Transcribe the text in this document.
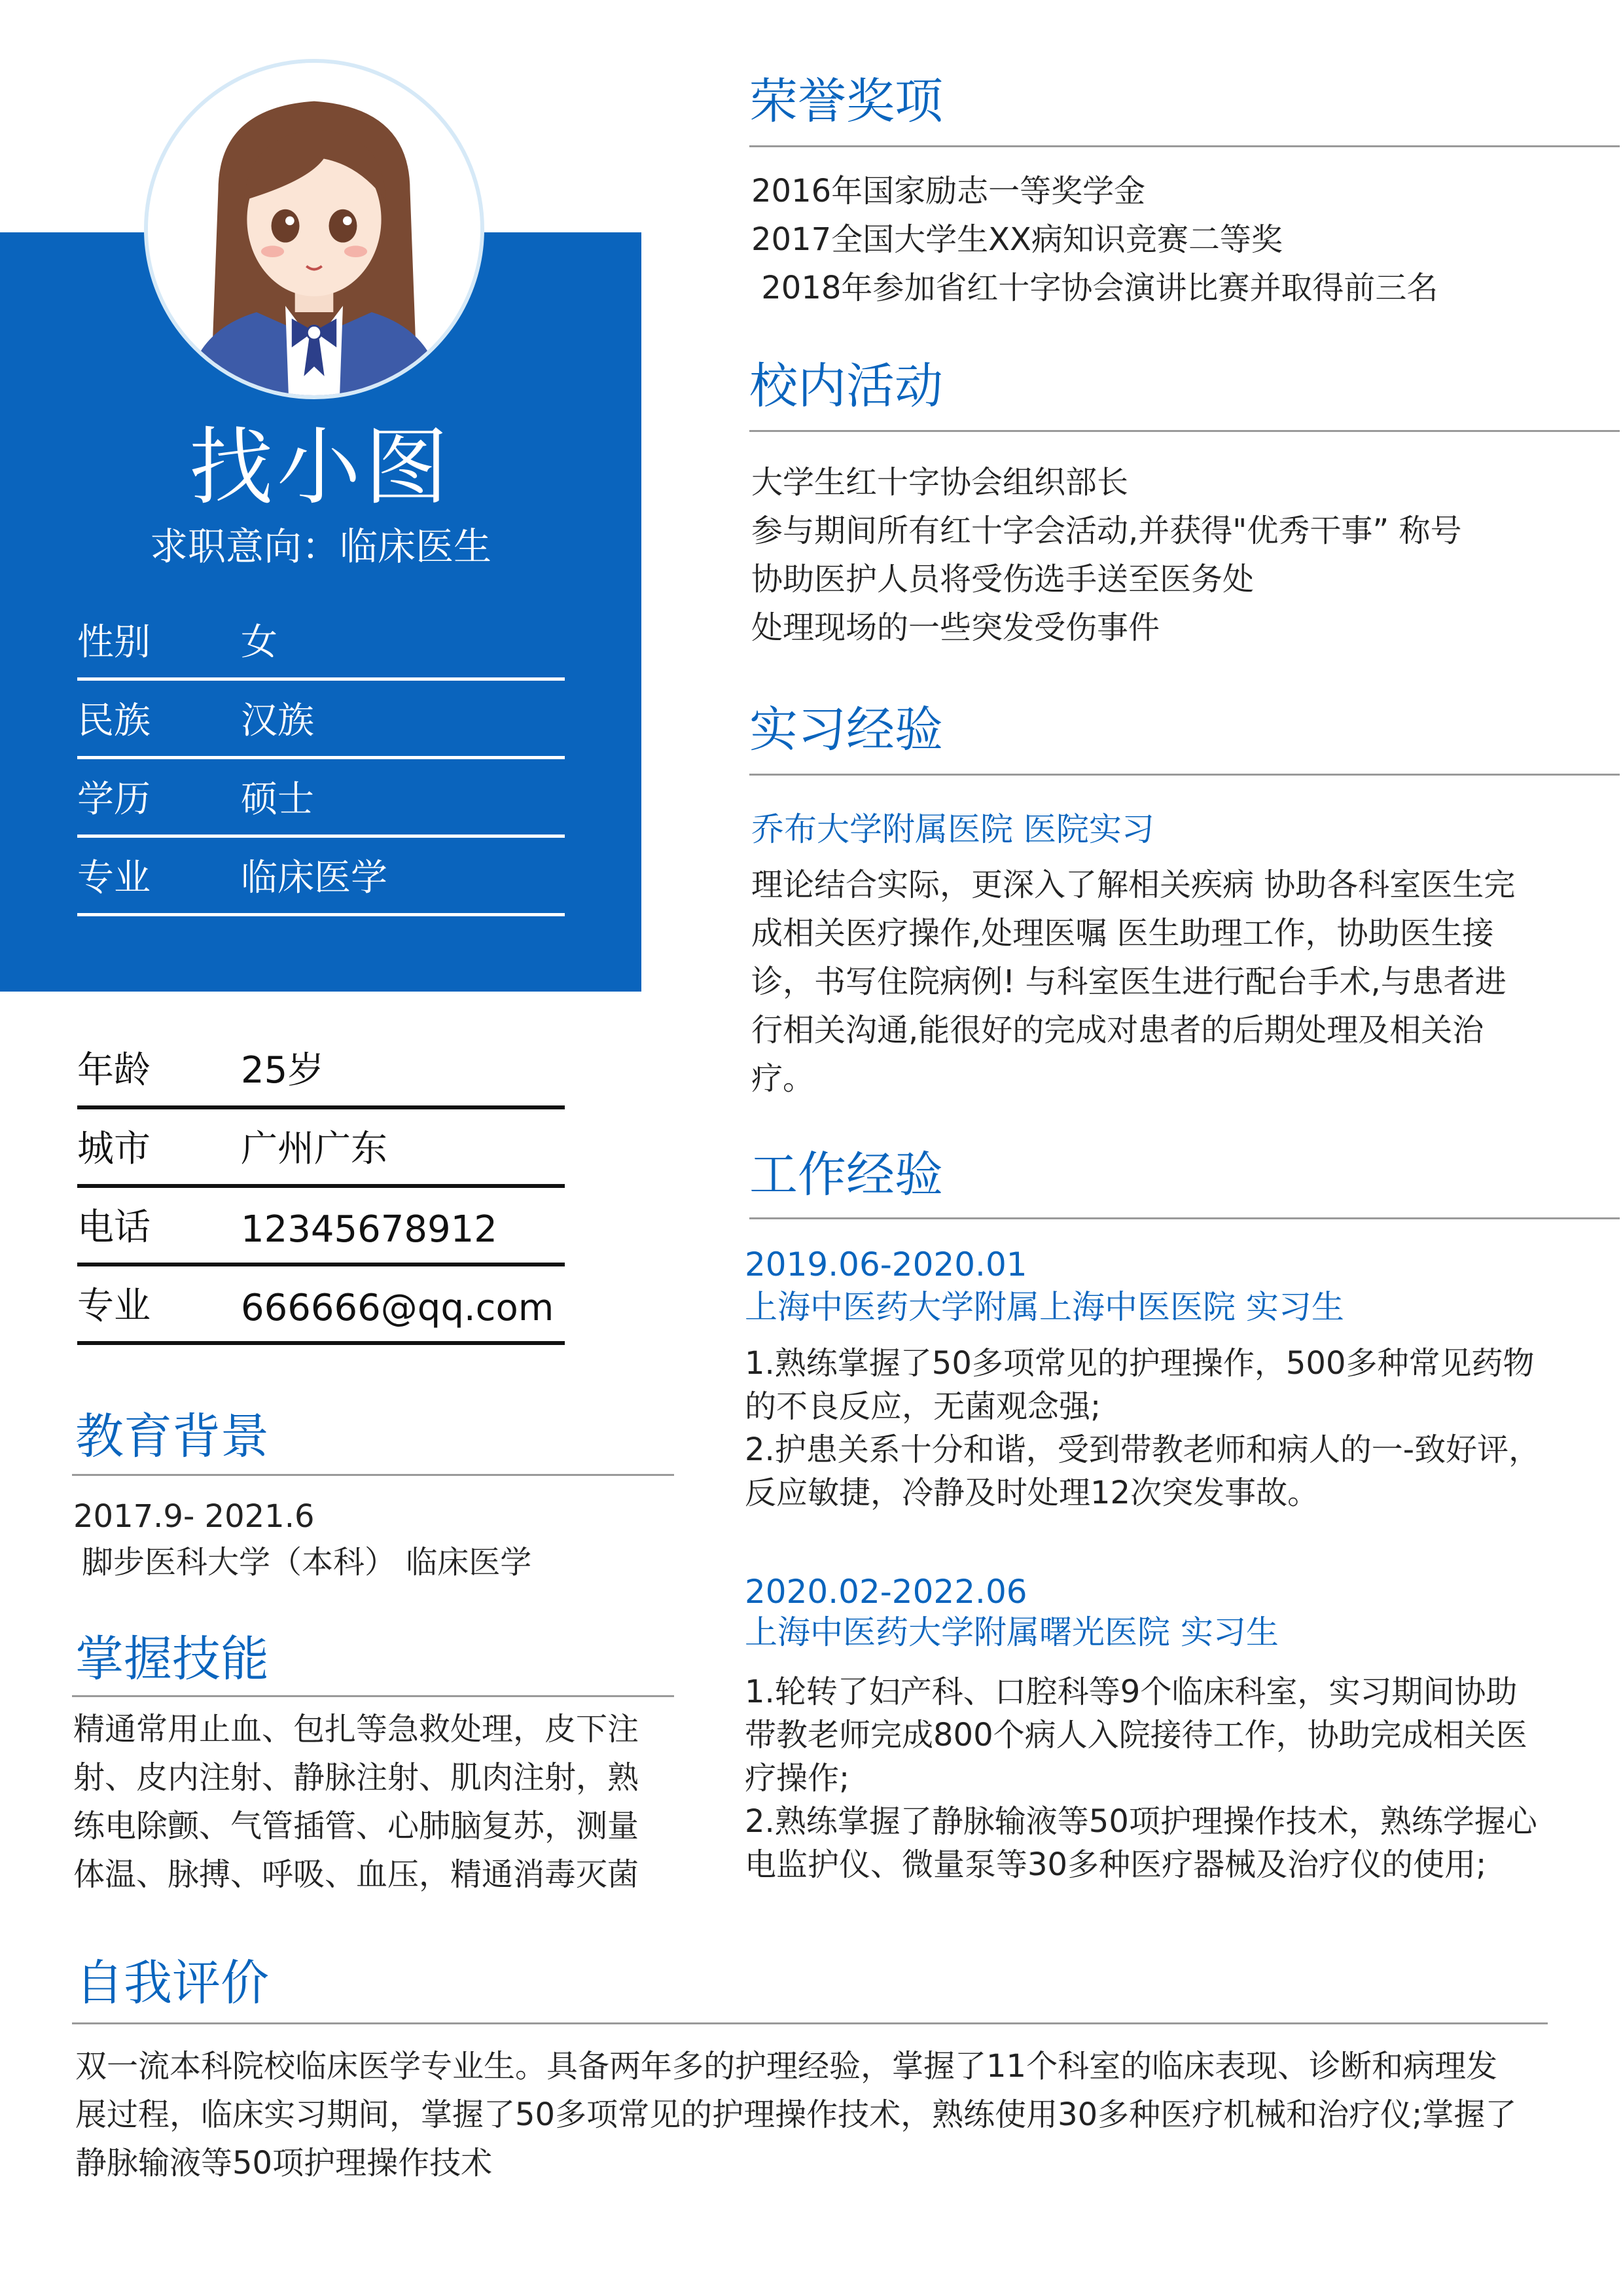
找小图
求职意向：临床医生
性别 女
民族 汉族
学历 硕士
专业 临床医学
年龄 25岁
城市 广州广东
电话 12345678912
专业 666666@qq.com
教育背景
2017.9- 2021.6
脚步医科大学（本科） 临床医学
掌握技能
精通常用止血、包扎等急救处理，皮下注
射、皮内注射、静脉注射、肌肉注射，熟
练电除颤、气管插管、心肺脑复苏，测量
体温、脉搏、呼吸、血压，精通消毒灭菌
荣誉奖项
2016年国家励志一等奖学金
2017全国大学生XX病知识竞赛二等奖
2018年参加省红十字协会演讲比赛并取得前三名
校内活动
大学生红十字协会组织部长
参与期间所有红十字会活动,并获得"优秀干事” 称号
协助医护人员将受伤选手送至医务处
处理现场的一些突发受伤事件
实习经验
乔布大学附属医院 医院实习
理论结合实际，更深入了解相关疾病 协助各科室医生完
成相关医疗操作,处理医嘱 医生助理工作，协助医生接
诊，书写住院病例! 与科室医生进行配台手术,与患者进
行相关沟通,能很好的完成对患者的后期处理及相关治
疗。
工作经验
2019.06-2020.01
上海中医药大学附属上海中医医院 实习生
1.熟练掌握了50多项常见的护理操作，500多种常见药物
的不良反应，无菌观念强;
2.护患关系十分和谐，受到带教老师和病人的一-致好评，
反应敏捷，冷静及时处理12次突发事故。
2020.02-2022.06
上海中医药大学附属曙光医院 实习生
1.轮转了妇产科、口腔科等9个临床科室，实习期间协助
带教老师完成800个病人入院接待工作，协助完成相关医
疗操作;
2.熟练掌握了静脉输液等50项护理操作技术，熟练学握心
电监护仪、微量泵等30多种医疗器械及治疗仪的使用;
自我评价
双一流本科院校临床医学专业生。具备两年多的护理经验，掌握了11个科室的临床表现、诊断和病理发
展过程，临床实习期间，掌握了50多项常见的护理操作技术，熟练使用30多种医疗机械和治疗仪;掌握了
静脉输液等50项护理操作技术
